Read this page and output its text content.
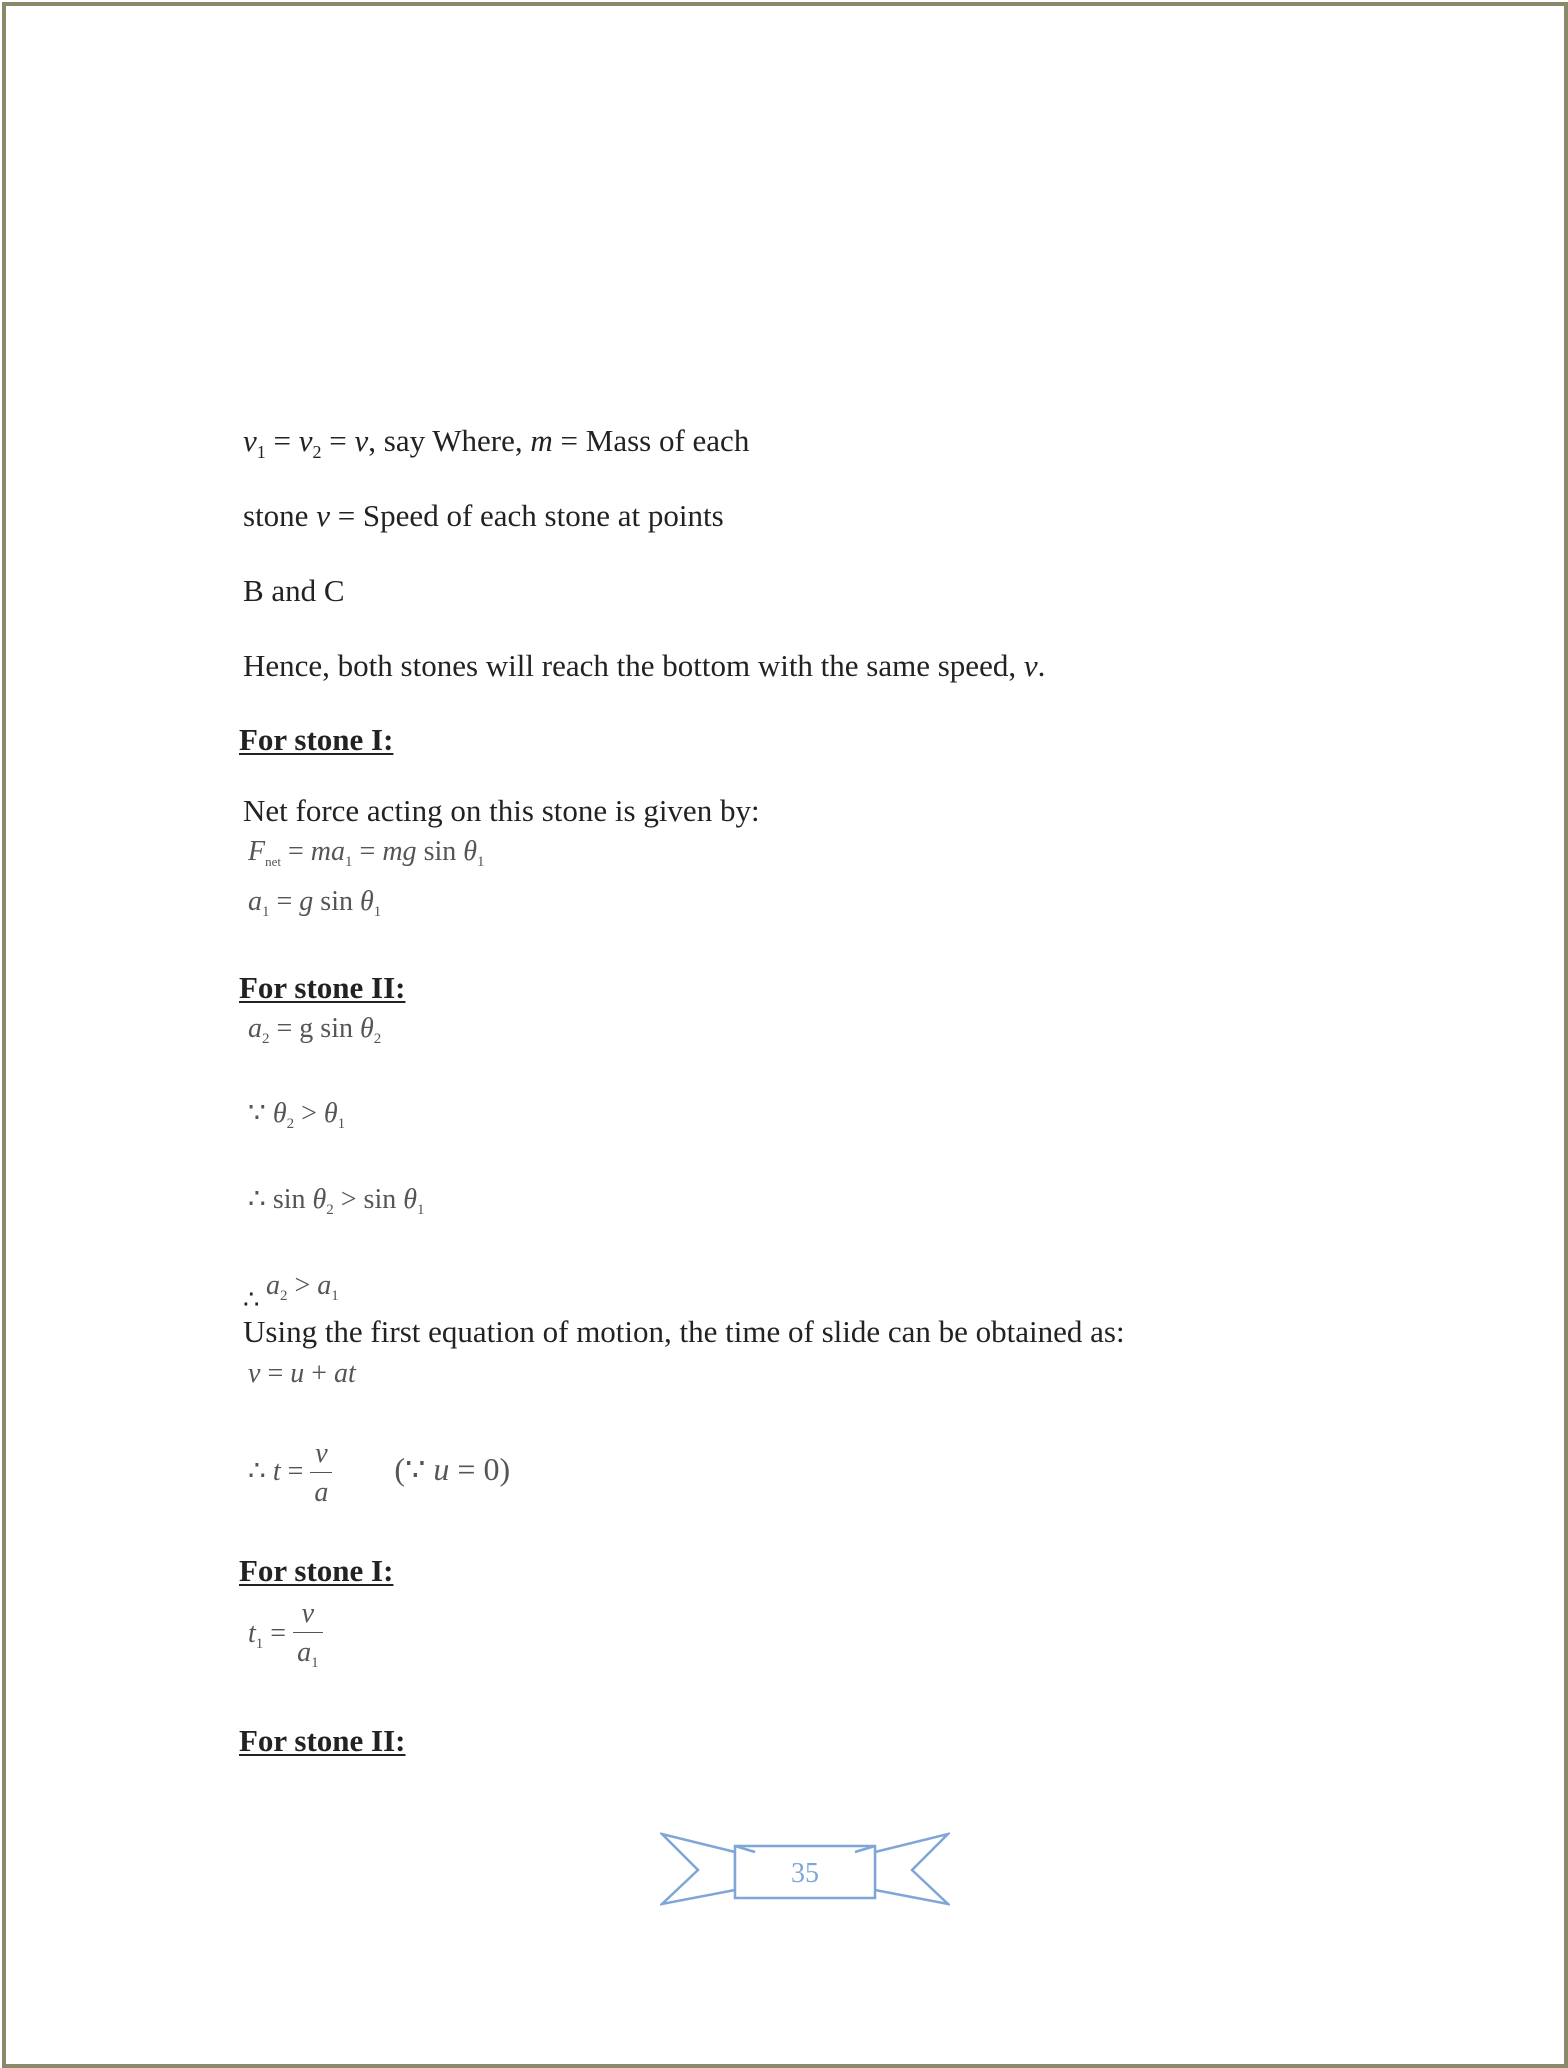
$v_1 = v_2 = v$, say Where, m = Mass of each
stone v = Speed of each stone at points
B and C
Hence, both stones will reach the bottom with the same speed, v.
For stone I:
Net force acting on this stone is given by:
$F_{net} = ma_1$ = mg $\sin \theta_1$
$a_1 = g$ $\sin \theta_1$
For stone II:
$a_2 = g$ $\sin \theta_2$
∵ $\theta_2 > \theta_1$
∴ $\sin \theta_2 > \sin \theta_1$
∴ $a_2 > a_1$
Using the first equation of motion, the time of slide can be obtained as:
v = u + at
∴ $t = \frac{v}{a}$ (∵ u = 0)
For stone I:
$t_1 = \frac{v}{a_1}$
For stone II:
35
